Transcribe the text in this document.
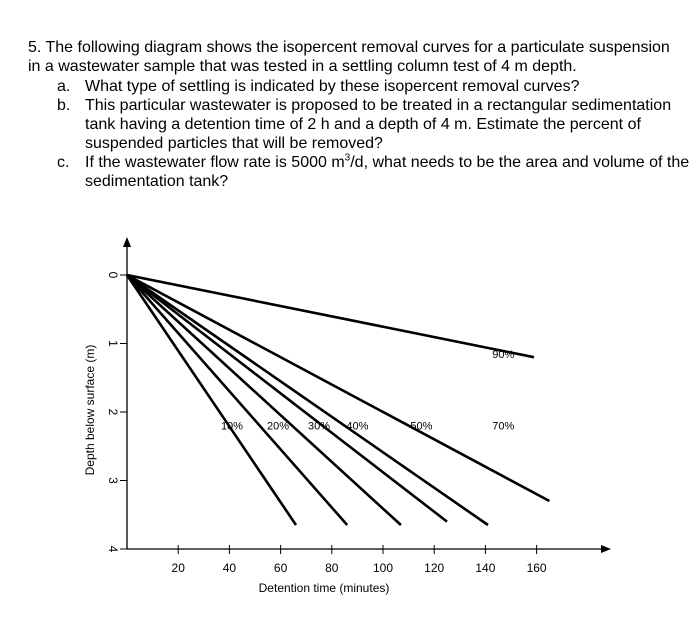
5. The following diagram shows the isopercent removal curves for a particulate suspension in a wastewater sample that was tested in a settling column test of 4 m depth.

a. What type of settling is indicated by these isopercent removal curves?

b. This particular wastewater is proposed to be treated in a rectangular sedimentation tank having a detention time of 2 h and a depth of 4 m. Estimate the percent of suspended particles that will be removed?

c. If the wastewater flow rate is 5000 $m^3/d$, what needs to be the area and volume of the sedimentation tank?

20	40	60	80	100	120	140	160
0
1
2
3
4
10% 20% 30% 40%	50%	70%
90%
Depth below surface (m)
Detention time (minutes)
